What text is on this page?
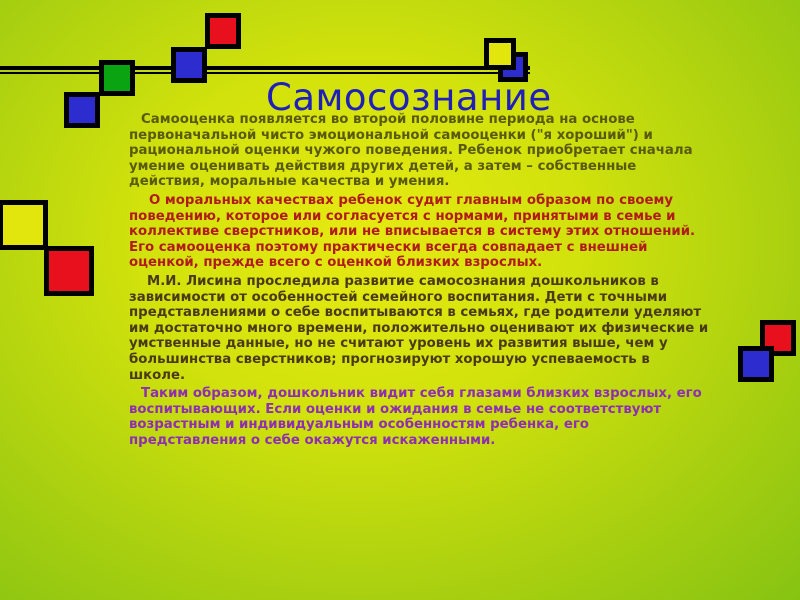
Самосознание

Самооценка появляется во второй половине периода на основе первоначальной чисто эмоциональной самооценки ("я хороший") и рациональной оценки чужого поведения. Ребенок приобретает сначала умение оценивать действия других детей, а затем – собственные действия, моральные качества и умения.

О моральных качествах ребенок судит главным образом по своему поведению, которое или согласуется с нормами, принятыми в семье и коллективе сверстников, или не вписывается в систему этих отношений. Его самооценка поэтому практически всегда совпадает с внешней оценкой, прежде всего с оценкой близких взрослых.

М.И. Лисина проследила развитие самосознания дошкольников в зависимости от особенностей семейного воспитания. Дети с точными представлениями о себе воспитываются в семьях, где родители уделяют им достаточно много времени, положительно оценивают их физические и умственные данные, но не считают уровень их развития выше, чем у большинства сверстников; прогнозируют хорошую успеваемость в школе.

Таким образом, дошкольник видит себя глазами близких взрослых, его воспитывающих. Если оценки и ожидания в семье не соответствуют возрастным и индивидуальным особенностям ребенка, его представления о себе окажутся искаженными.
